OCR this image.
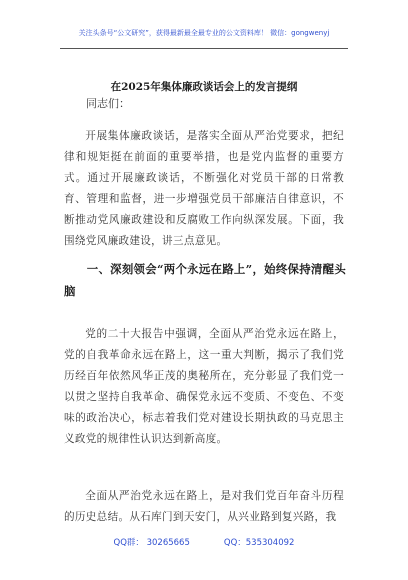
关注头条号“公文研究”，获得最新最全最专业的公文资料库！ 微信：gongwenyj
在2025年集体廉政谈话会上的发言提纲
同志们：
开展集体廉政谈话，是落实全面从严治党要求，把纪律和规矩挺在前面的重要举措，也是党内监督的重要方式。通过开展廉政谈话，不断强化对党员干部的日常教育、管理和监督，进一步增强党员干部廉洁自律意识，不断推动党风廉政建设和反腐败工作向纵深发展。下面，我围绕党风廉政建设，讲三点意见。
一、深刻领会“两个永远在路上”，始终保持清醒头脑
党的二十大报告中强调，全面从严治党永远在路上，党的自我革命永远在路上，这一重大判断，揭示了我们党历经百年依然风华正茂的奥秘所在，充分彰显了我们党一以贯之坚持自我革命、确保党永远不变质、不变色、不变味的政治决心，标志着我们党对建设长期执政的马克思主义政党的规律性认识达到新高度。
全面从严治党永远在路上，是对我们党百年奋斗历程的历史总结。从石库门到天安门，从兴业路到复兴路，我
QQ群： 30265665	QQ：535304092
